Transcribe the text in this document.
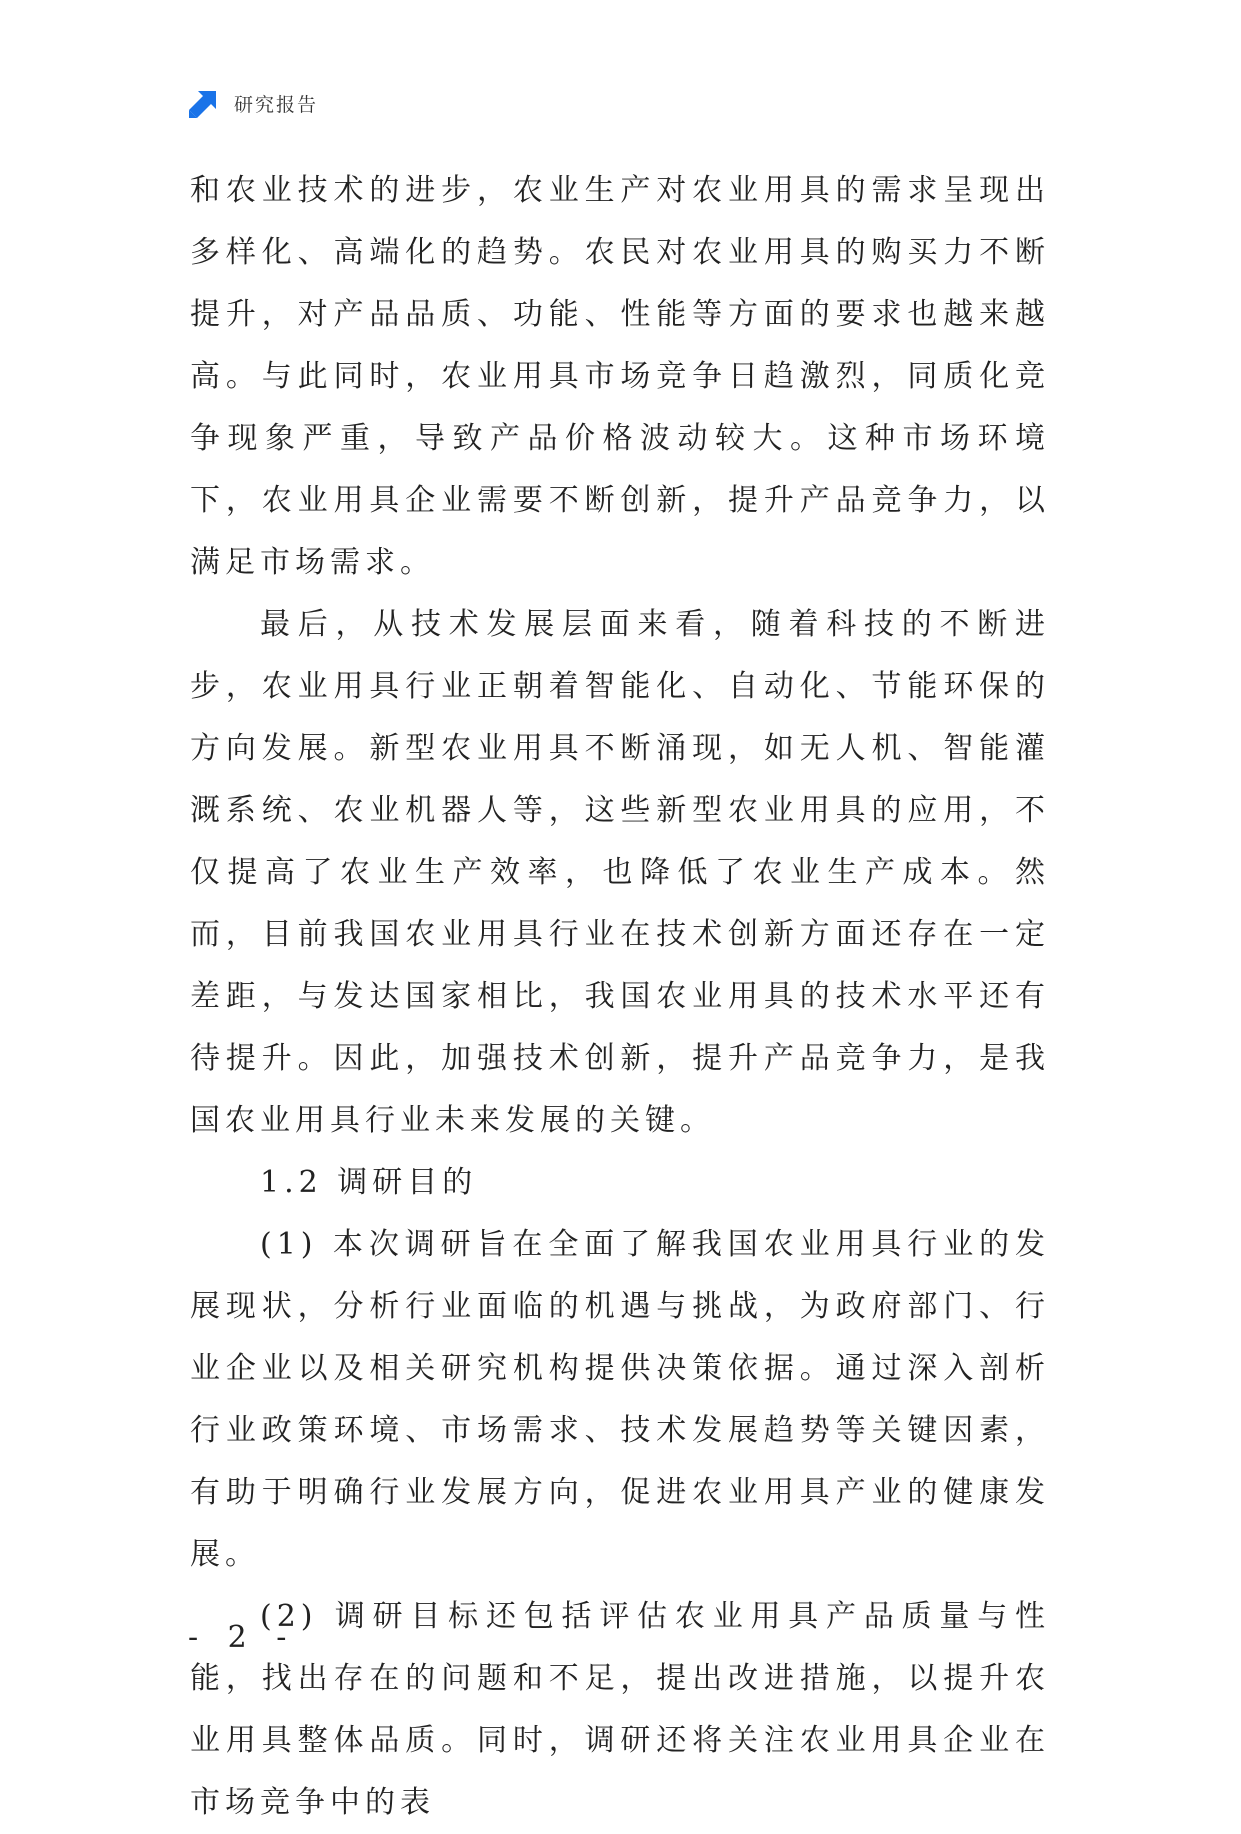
研究报告

和农业技术的进步，农业生产对农业用具的需求呈现出多样化、高端化的趋势。农民对农业用具的购买力不断提升，对产品品质、功能、性能等方面的要求也越来越高。与此同时，农业用具市场竞争日趋激烈，同质化竞争现象严重，导致产品价格波动较大。这种市场环境下，农业用具企业需要不断创新，提升产品竞争力，以满足市场需求。

最后，从技术发展层面来看，随着科技的不断进步，农业用具行业正朝着智能化、自动化、节能环保的方向发展。新型农业用具不断涌现，如无人机、智能灌溉系统、农业机器人等，这些新型农业用具的应用，不仅提高了农业生产效率，也降低了农业生产成本。然而，目前我国农业用具行业在技术创新方面还存在一定差距，与发达国家相比，我国农业用具的技术水平还有待提升。因此，加强技术创新，提升产品竞争力，是我国农业用具行业未来发展的关键。

1.2 调研目的

(1) 本次调研旨在全面了解我国农业用具行业的发展现状，分析行业面临的机遇与挑战，为政府部门、行业企业以及相关研究机构提供决策依据。通过深入剖析行业政策环境、市场需求、技术发展趋势等关键因素，有助于明确行业发展方向，促进农业用具产业的健康发展。

(2) 调研目标还包括评估农业用具产品质量与性能，找出存在的问题和不足，提出改进措施，以提升农业用具整体品质。同时，调研还将关注农业用具企业在市场竞争中的表

- 2 -
